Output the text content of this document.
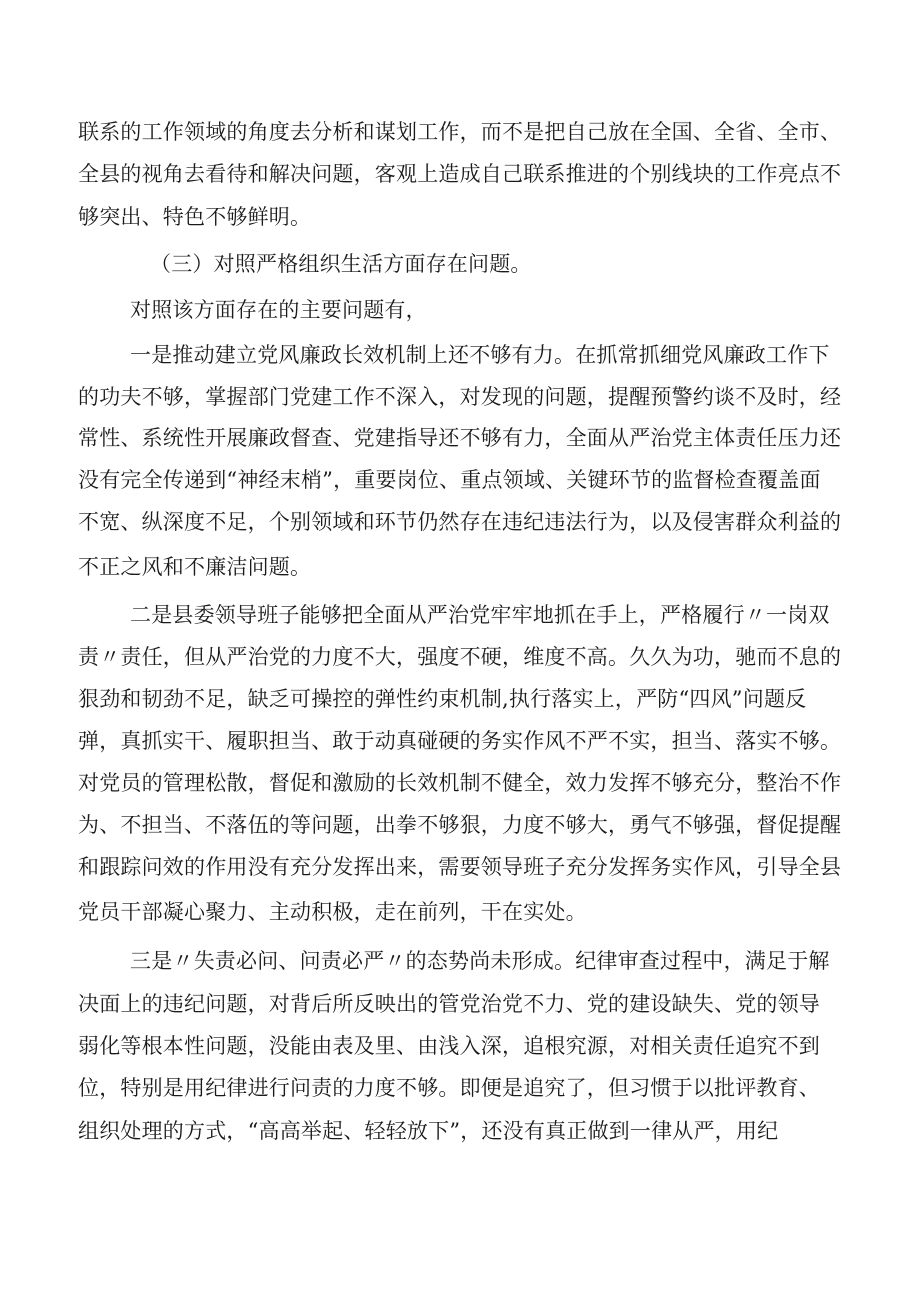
联系的工作领域的角度去分析和谋划工作，而不是把自己放在全国、全省、全市、
全县的视角去看待和解决问题，客观上造成自己联系推进的个别线块的工作亮点不
够突出、特色不够鲜明。
（三）对照严格组织生活方面存在问题。
对照该方面存在的主要问题有，
一是推动建立党风廉政长效机制上还不够有力。在抓常抓细党风廉政工作下
的功夫不够，掌握部门党建工作不深入，对发现的问题，提醒预警约谈不及时，经
常性、系统性开展廉政督查、党建指导还不够有力，全面从严治党主体责任压力还
没有完全传递到“神经末梢”，重要岗位、重点领域、关键环节的监督检查覆盖面
不宽、纵深度不足，个别领域和环节仍然存在违纪违法行为，以及侵害群众利益的
不正之风和不廉洁问题。
二是县委领导班子能够把全面从严治党牢牢地抓在手上，严格履行〃一岗双
责〃责任，但从严治党的力度不大，强度不硬，维度不高。久久为功，驰而不息的
狠劲和韧劲不足，缺乏可操控的弹性约束机制,执行落实上，严防“四风”问题反
弹，真抓实干、履职担当、敢于动真碰硬的务实作风不严不实，担当、落实不够。
对党员的管理松散，督促和激励的长效机制不健全，效力发挥不够充分，整治不作
为、不担当、不落伍的等问题，出拳不够狠，力度不够大，勇气不够强，督促提醒
和跟踪问效的作用没有充分发挥出来，需要领导班子充分发挥务实作风，引导全县
党员干部凝心聚力、主动积极，走在前列，干在实处。
三是〃失责必问、问责必严〃的态势尚未形成。纪律审查过程中，满足于解
决面上的违纪问题，对背后所反映出的管党治党不力、党的建设缺失、党的领导
弱化等根本性问题，没能由表及里、由浅入深，追根究源，对相关责任追究不到
位，特别是用纪律进行问责的力度不够。即便是追究了，但习惯于以批评教育、
组织处理的方式，“高高举起、轻轻放下”，还没有真正做到一律从严，用纪
